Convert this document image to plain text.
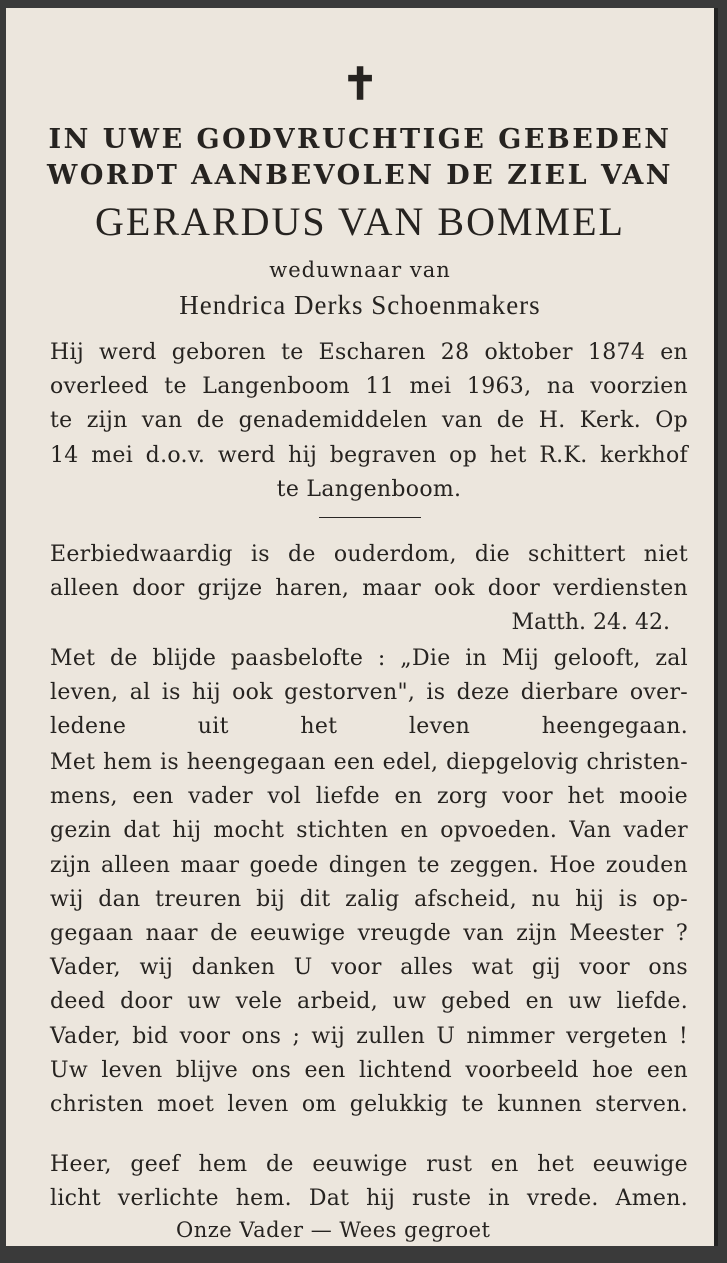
✝
IN UWE GODVRUCHTIGE GEBEDEN
WORDT AANBEVOLEN DE ZIEL VAN
GERARDUS VAN BOMMEL
weduwnaar van
Hendrica Derks Schoenmakers
Hij werd geboren te Escharen 28 oktober 1874 en
overleed te Langenboom 11 mei 1963, na voorzien
te zijn van de genademiddelen van de H. Kerk. Op
14 mei d.o.v. werd hij begraven op het R.K. kerkhof
te Langenboom.
Eerbiedwaardig is de ouderdom, die schittert niet
alleen door grijze haren, maar ook door verdiensten
Matth. 24. 42.
Met de blijde paasbelofte : „Die in Mij gelooft, zal
leven, al is hij ook gestorven", is deze dierbare over-
ledene uit het leven heengegaan.
Met hem is heengegaan een edel, diepgelovig christen-
mens, een vader vol liefde en zorg voor het mooie
gezin dat hij mocht stichten en opvoeden. Van vader
zijn alleen maar goede dingen te zeggen. Hoe zouden
wij dan treuren bij dit zalig afscheid, nu hij is op-
gegaan naar de eeuwige vreugde van zijn Meester ?
Vader, wij danken U voor alles wat gij voor ons
deed door uw vele arbeid, uw gebed en uw liefde.
Vader, bid voor ons ; wij zullen U nimmer vergeten !
Uw leven blijve ons een lichtend voorbeeld hoe een
christen moet leven om gelukkig te kunnen sterven.
Heer, geef hem de eeuwige rust en het eeuwige
licht verlichte hem. Dat hij ruste in vrede. Amen.
Onze Vader — Wees gegroet
